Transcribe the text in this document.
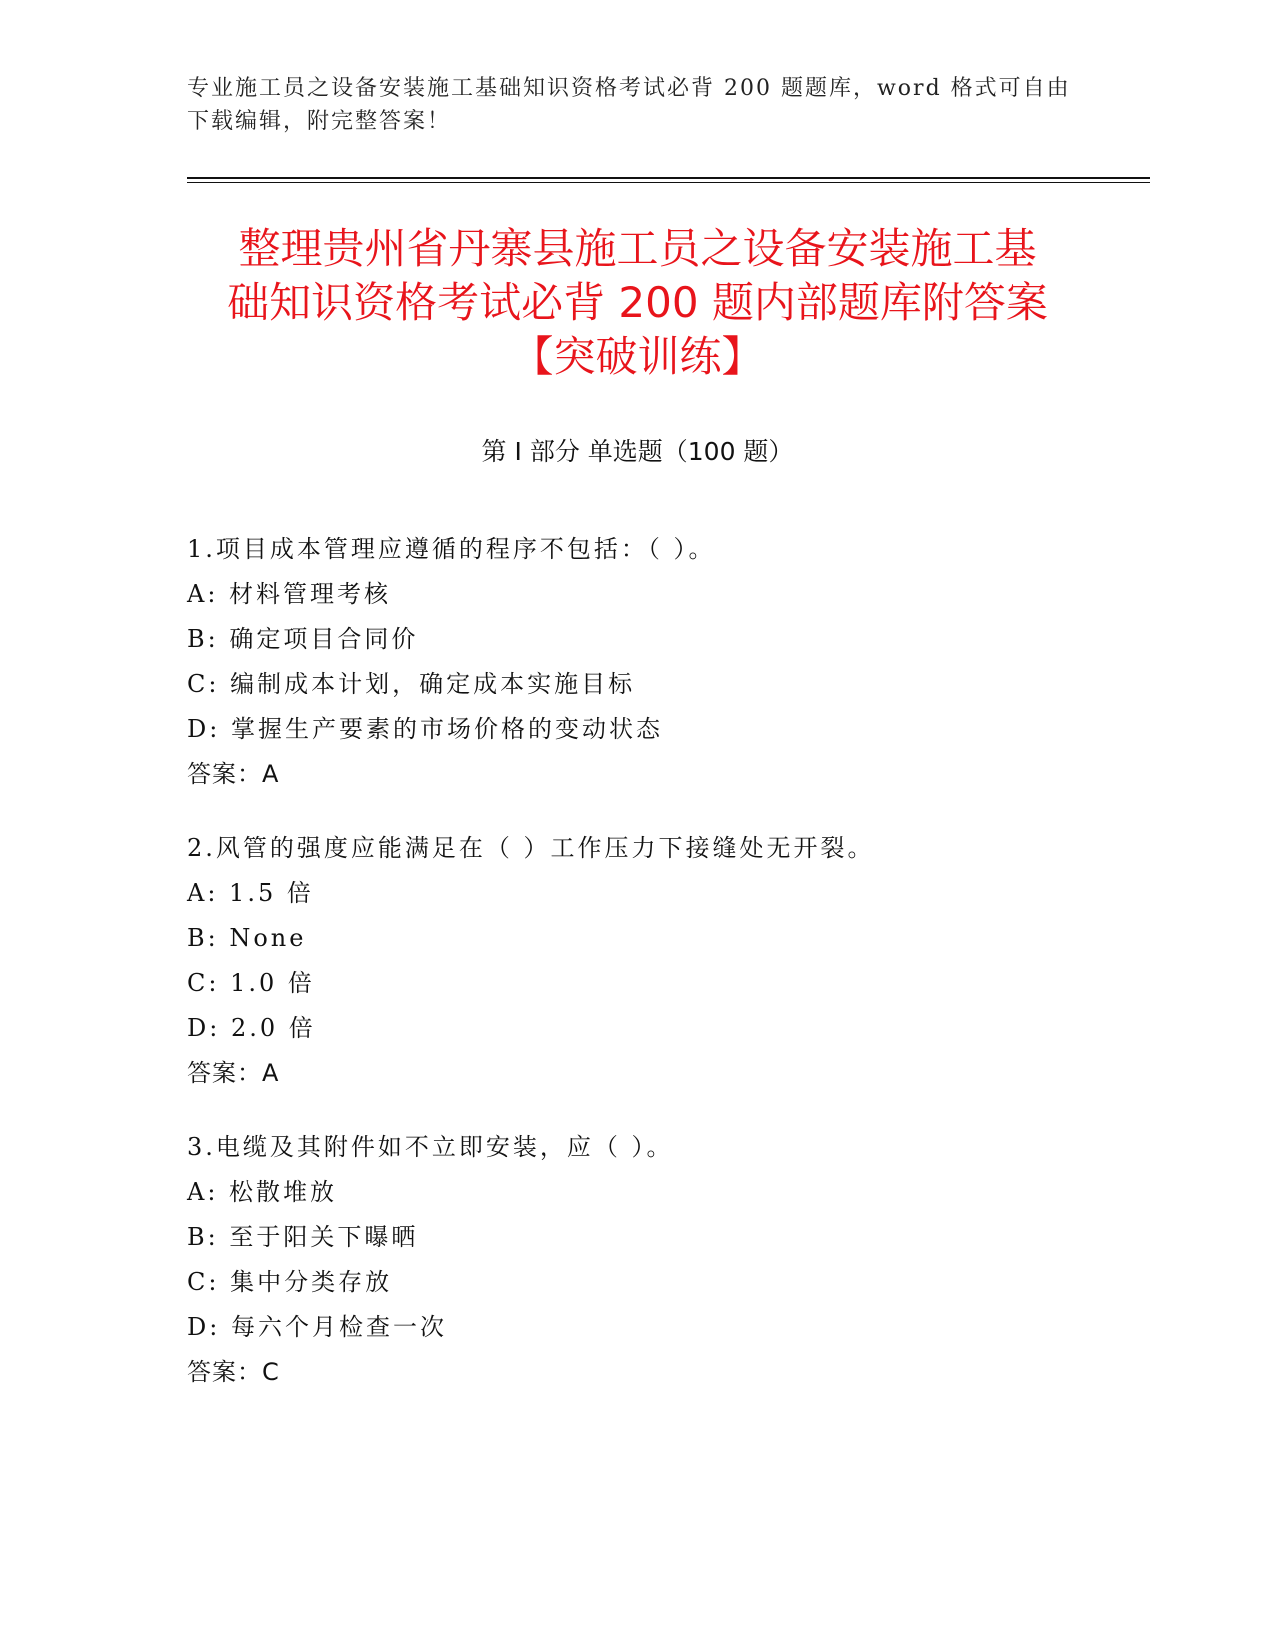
专业施工员之设备安装施工基础知识资格考试必背 200 题题库，word 格式可自由
下载编辑，附完整答案！
整理贵州省丹寨县施工员之设备安装施工基
础知识资格考试必背 200 题内部题库附答案
【突破训练】
第 I 部分 单选题（100 题）
1.项目成本管理应遵循的程序不包括：（ ）。
A: 材料管理考核
B: 确定项目合同价
C: 编制成本计划，确定成本实施目标
D: 掌握生产要素的市场价格的变动状态
答案：A
2.风管的强度应能满足在（ ）工作压力下接缝处无开裂。
A: 1.5 倍
B: None
C: 1.0 倍
D: 2.0 倍
答案：A
3.电缆及其附件如不立即安装，应（ ）。
A: 松散堆放
B: 至于阳关下曝晒
C: 集中分类存放
D: 每六个月检查一次
答案：C
